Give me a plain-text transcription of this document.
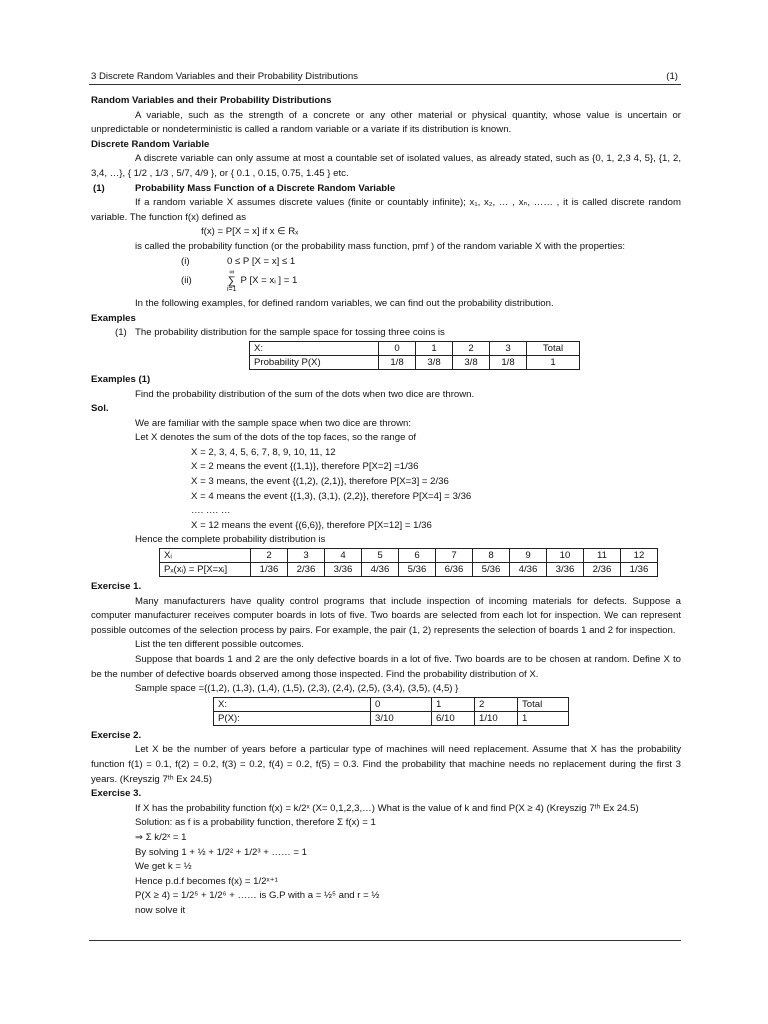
3 Discrete Random Variables and their Probability Distributions	(1)
Random Variables and their Probability Distributions

A variable, such as the strength of a concrete or any other material or physical quantity, whose value is uncertain or unpredictable or nondeterministic is called a random variable or a variate if its distribution is known.

Discrete Random Variable

A discrete variable can only assume at most a countable set of isolated values, as already stated, such as {0, 1, 2,3 4, 5}, {1, 2, 3,4, …}, { 1/2 , 1/3 , 5/7, 4/9 }, or { 0.1 , 0.15, 0.75, 1.45 } etc.

(1)	Probability Mass Function of a Discrete Random Variable

If a random variable X assumes discrete values (finite or countably infinite); x₁, x₂, … , xₙ, …… , it is called discrete random variable. The function f(x) defined as

f(x) = P[X = x] if x ∈ Rₓ
is called the probability function (or the probability mass function, pmf ) of the random variable X with the properties:
(i)	0 ≤ P [X = x] ≤ 1
(ii)
∞
∑
i=1
P [X = xᵢ ] = 1
In the following examples, for defined random variables, we can find out the probability distribution.
Examples
(1) The probability distribution for the sample space for tossing three coins is
X:	0	1	2	3	Total
Probability P(X)	1/8	3/8	3/8	1/8	1
Examples (1)
Find the probability distribution of the sum of the dots when two dice are thrown.
Sol.
We are familiar with the sample space when two dice are thrown:
Let X denotes the sum of the dots of the top faces, so the range of
X = 2, 3, 4, 5, 6, 7, 8, 9, 10, 11, 12
X = 2 means the event {(1,1)}, therefore P[X=2] =1/36
X = 3 means, the event {(1,2), (2,1)}, therefore P[X=3] = 2/36
X = 4 means the event {(1,3), (3,1), (2,2)}, therefore P[X=4] = 3/36
…. …. …
X = 12 means the event {(6,6)}, therefore P[X=12] = 1/36
Hence the complete probability distribution is
Xᵢ	2	3	4	5	6	7	8	9	10	11	12
Pₓ(xᵢ) = P[X=xᵢ]	1/36	2/36	3/36	4/36	5/36	6/36	5/36	4/36	3/36	2/36	1/36
Exercise 1.

Many manufacturers have quality control programs that include inspection of incoming materials for defects. Suppose a computer manufacturer receives computer boards in lots of five. Two boards are selected from each lot for inspection. We can represent possible outcomes of the selection process by pairs. For example, the pair (1, 2) represents the selection of boards 1 and 2 for inspection.

List the ten different possible outcomes.

Suppose that boards 1 and 2 are the only defective boards in a lot of five. Two boards are to be chosen at random. Define X to be the number of defective boards observed among those inspected. Find the probability distribution of X.

Sample space ={(1,2), (1,3), (1,4), (1,5), (2,3), (2,4), (2,5), (3,4), (3,5), (4,5) }
X:	0	1	2	Total
P(X):	3/10	6/10	1/10	1
Exercise 2.

Let X be the number of years before a particular type of machines will need replacement. Assume that X has the probability function f(1) = 0.1, f(2) = 0.2, f(3) = 0.2, f(4) = 0.2, f(5) = 0.3. Find the probability that machine needs no replacement during the first 3 years. (Kreyszig 7ᵗʰ Ex 24.5)

Exercise 3.
If X has the probability function f(x) = k/2ˣ (X= 0,1,2,3,…) What is the value of k and find P(X ≥ 4) (Kreyszig 7ᵗʰ Ex 24.5)
Solution: as f is a probability function, therefore Σ f(x) = 1
⇒ Σ k/2ˣ = 1
By solving 1 + ½ + 1/2² + 1/2³ + …… = 1
We get k = ½
Hence p.d.f becomes f(x) = 1/2ˣ⁺¹
P(X ≥ 4) = 1/2⁵ + 1/2⁶ + …… is G.P with a = ½⁵ and r = ½
now solve it
